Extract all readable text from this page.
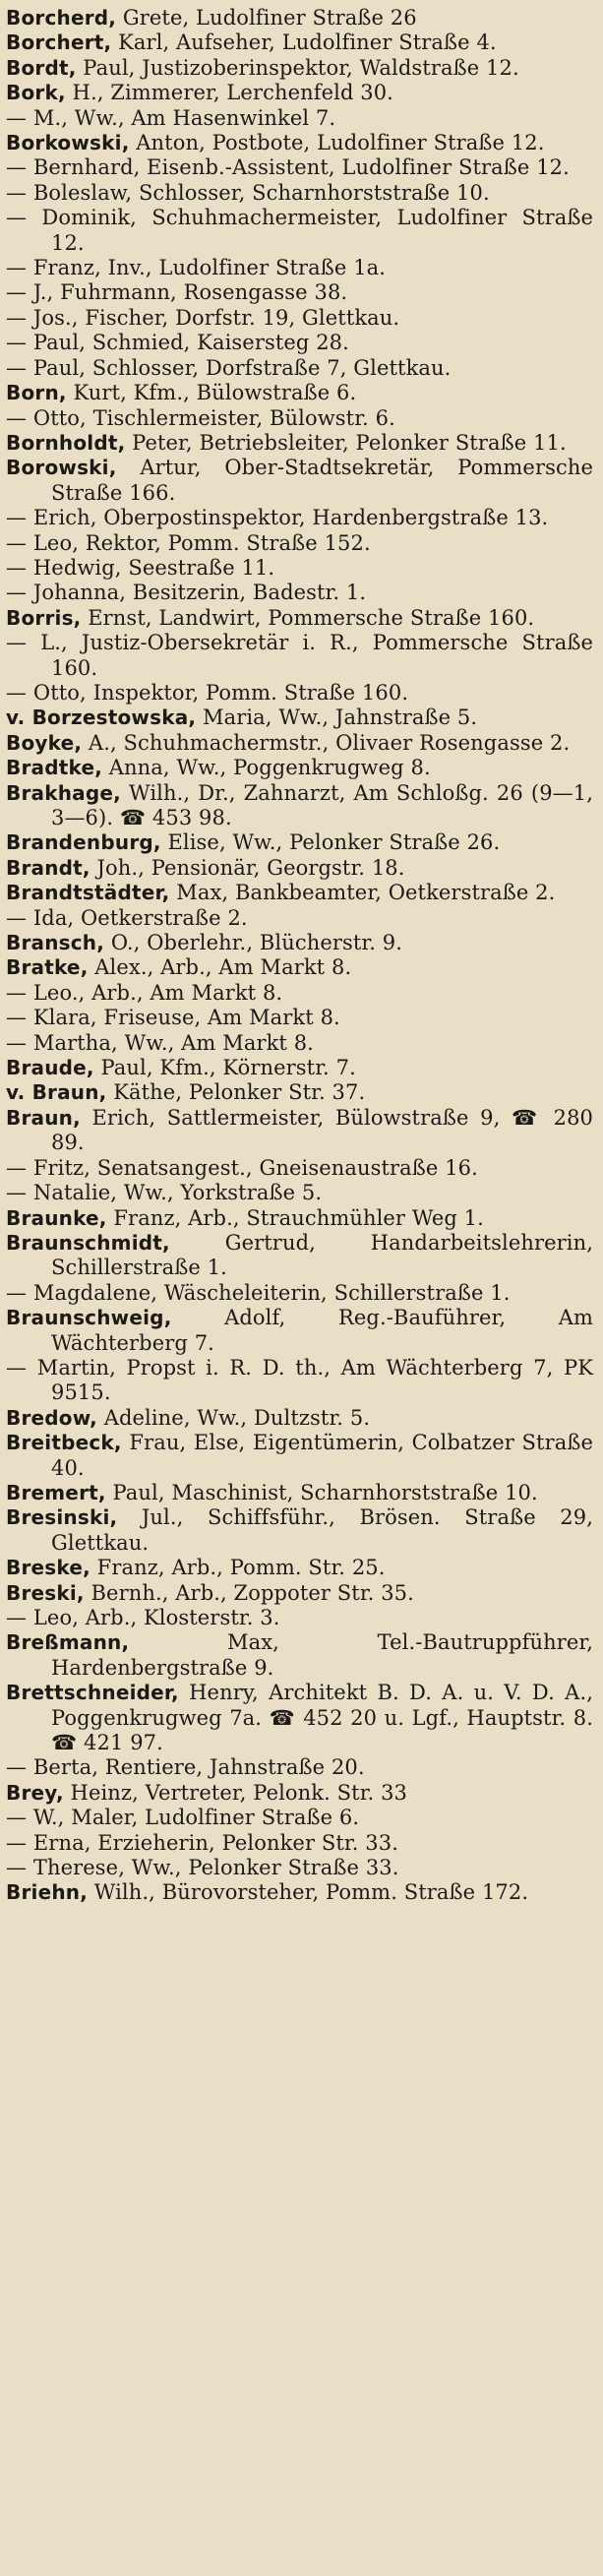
Borcherd, Grete, Ludolfiner Straße 26
Borchert, Karl, Aufseher, Ludolfiner Straße 4.
Bordt, Paul, Justizoberinspektor, Waldstraße 12.
Bork, H., Zimmerer, Lerchenfeld 30.
— M., Ww., Am Hasenwinkel 7.
Borkowski, Anton, Postbote, Ludolfiner Straße 12.
— Bernhard, Eisenb.-Assistent, Ludolfiner Straße 12.
— Boleslaw, Schlosser, Scharnhorststraße 10.
— Dominik, Schuhmachermeister, Ludolfiner Straße 12.
— Franz, Inv., Ludolfiner Straße 1a.
— J., Fuhrmann, Rosengasse 38.
— Jos., Fischer, Dorfstr. 19, Glettkau.
— Paul, Schmied, Kaisersteg 28.
— Paul, Schlosser, Dorfstraße 7, Glettkau.
Born, Kurt, Kfm., Bülowstraße 6.
— Otto, Tischlermeister, Bülowstr. 6.
Bornholdt, Peter, Betriebsleiter, Pelonker Straße 11.
Borowski, Artur, Ober-Stadtsekretär, Pommersche Straße 166.
— Erich, Oberpostinspektor, Hardenbergstraße 13.
— Leo, Rektor, Pomm. Straße 152.
— Hedwig, Seestraße 11.
— Johanna, Besitzerin, Badestr. 1.
Borris, Ernst, Landwirt, Pommersche Straße 160.
— L., Justiz-Obersekretär i. R., Pommersche Straße 160.
— Otto, Inspektor, Pomm. Straße 160.
v. Borzestowska, Maria, Ww., Jahnstraße 5.
Boyke, A., Schuhmachermstr., Olivaer Rosengasse 2.
Bradtke, Anna, Ww., Poggenkrugweg 8.
Brakhage, Wilh., Dr., Zahnarzt, Am Schloßg. 26 (9—1, 3—6). ☎ 453 98.
Brandenburg, Elise, Ww., Pelonker Straße 26.
Brandt, Joh., Pensionär, Georgstr. 18.
Brandtstädter, Max, Bankbeamter, Oetkerstraße 2.
— Ida, Oetkerstraße 2.
Bransch, O., Oberlehr., Blücherstr. 9.
Bratke, Alex., Arb., Am Markt 8.
— Leo., Arb., Am Markt 8.
— Klara, Friseuse, Am Markt 8.
— Martha, Ww., Am Markt 8.
Braude, Paul, Kfm., Körnerstr. 7.
v. Braun, Käthe, Pelonker Str. 37.
Braun, Erich, Sattlermeister, Bülowstraße 9, ☎ 280 89.
— Fritz, Senatsangest., Gneisenaustraße 16.
— Natalie, Ww., Yorkstraße 5.
Braunke, Franz, Arb., Strauchmühler Weg 1.
Braunschmidt, Gertrud, Handarbeitslehrerin, Schillerstraße 1.
— Magdalene, Wäscheleiterin, Schillerstraße 1.
Braunschweig, Adolf, Reg.-Bauführer, Am Wächterberg 7.
— Martin, Propst i. R. D. th., Am Wächterberg 7, PK 9515.
Bredow, Adeline, Ww., Dultzstr. 5.
Breitbeck, Frau, Else, Eigentümerin, Colbatzer Straße 40.
Bremert, Paul, Maschinist, Scharnhorststraße 10.
Bresinski, Jul., Schiffsführ., Brösen. Straße 29, Glettkau.
Breske, Franz, Arb., Pomm. Str. 25.
Breski, Bernh., Arb., Zoppoter Str. 35.
— Leo, Arb., Klosterstr. 3.
Breßmann, Max, Tel.-Bautruppführer, Hardenbergstraße 9.
Brettschneider, Henry, Architekt B. D. A. u. V. D. A., Poggenkrugweg 7a. ☎ 452 20 u. Lgf., Hauptstr. 8. ☎ 421 97.
— Berta, Rentiere, Jahnstraße 20.
Brey, Heinz, Vertreter, Pelonk. Str. 33
— W., Maler, Ludolfiner Straße 6.
— Erna, Erzieherin, Pelonker Str. 33.
— Therese, Ww., Pelonker Straße 33.
Briehn, Wilh., Bürovorsteher, Pomm. Straße 172.
